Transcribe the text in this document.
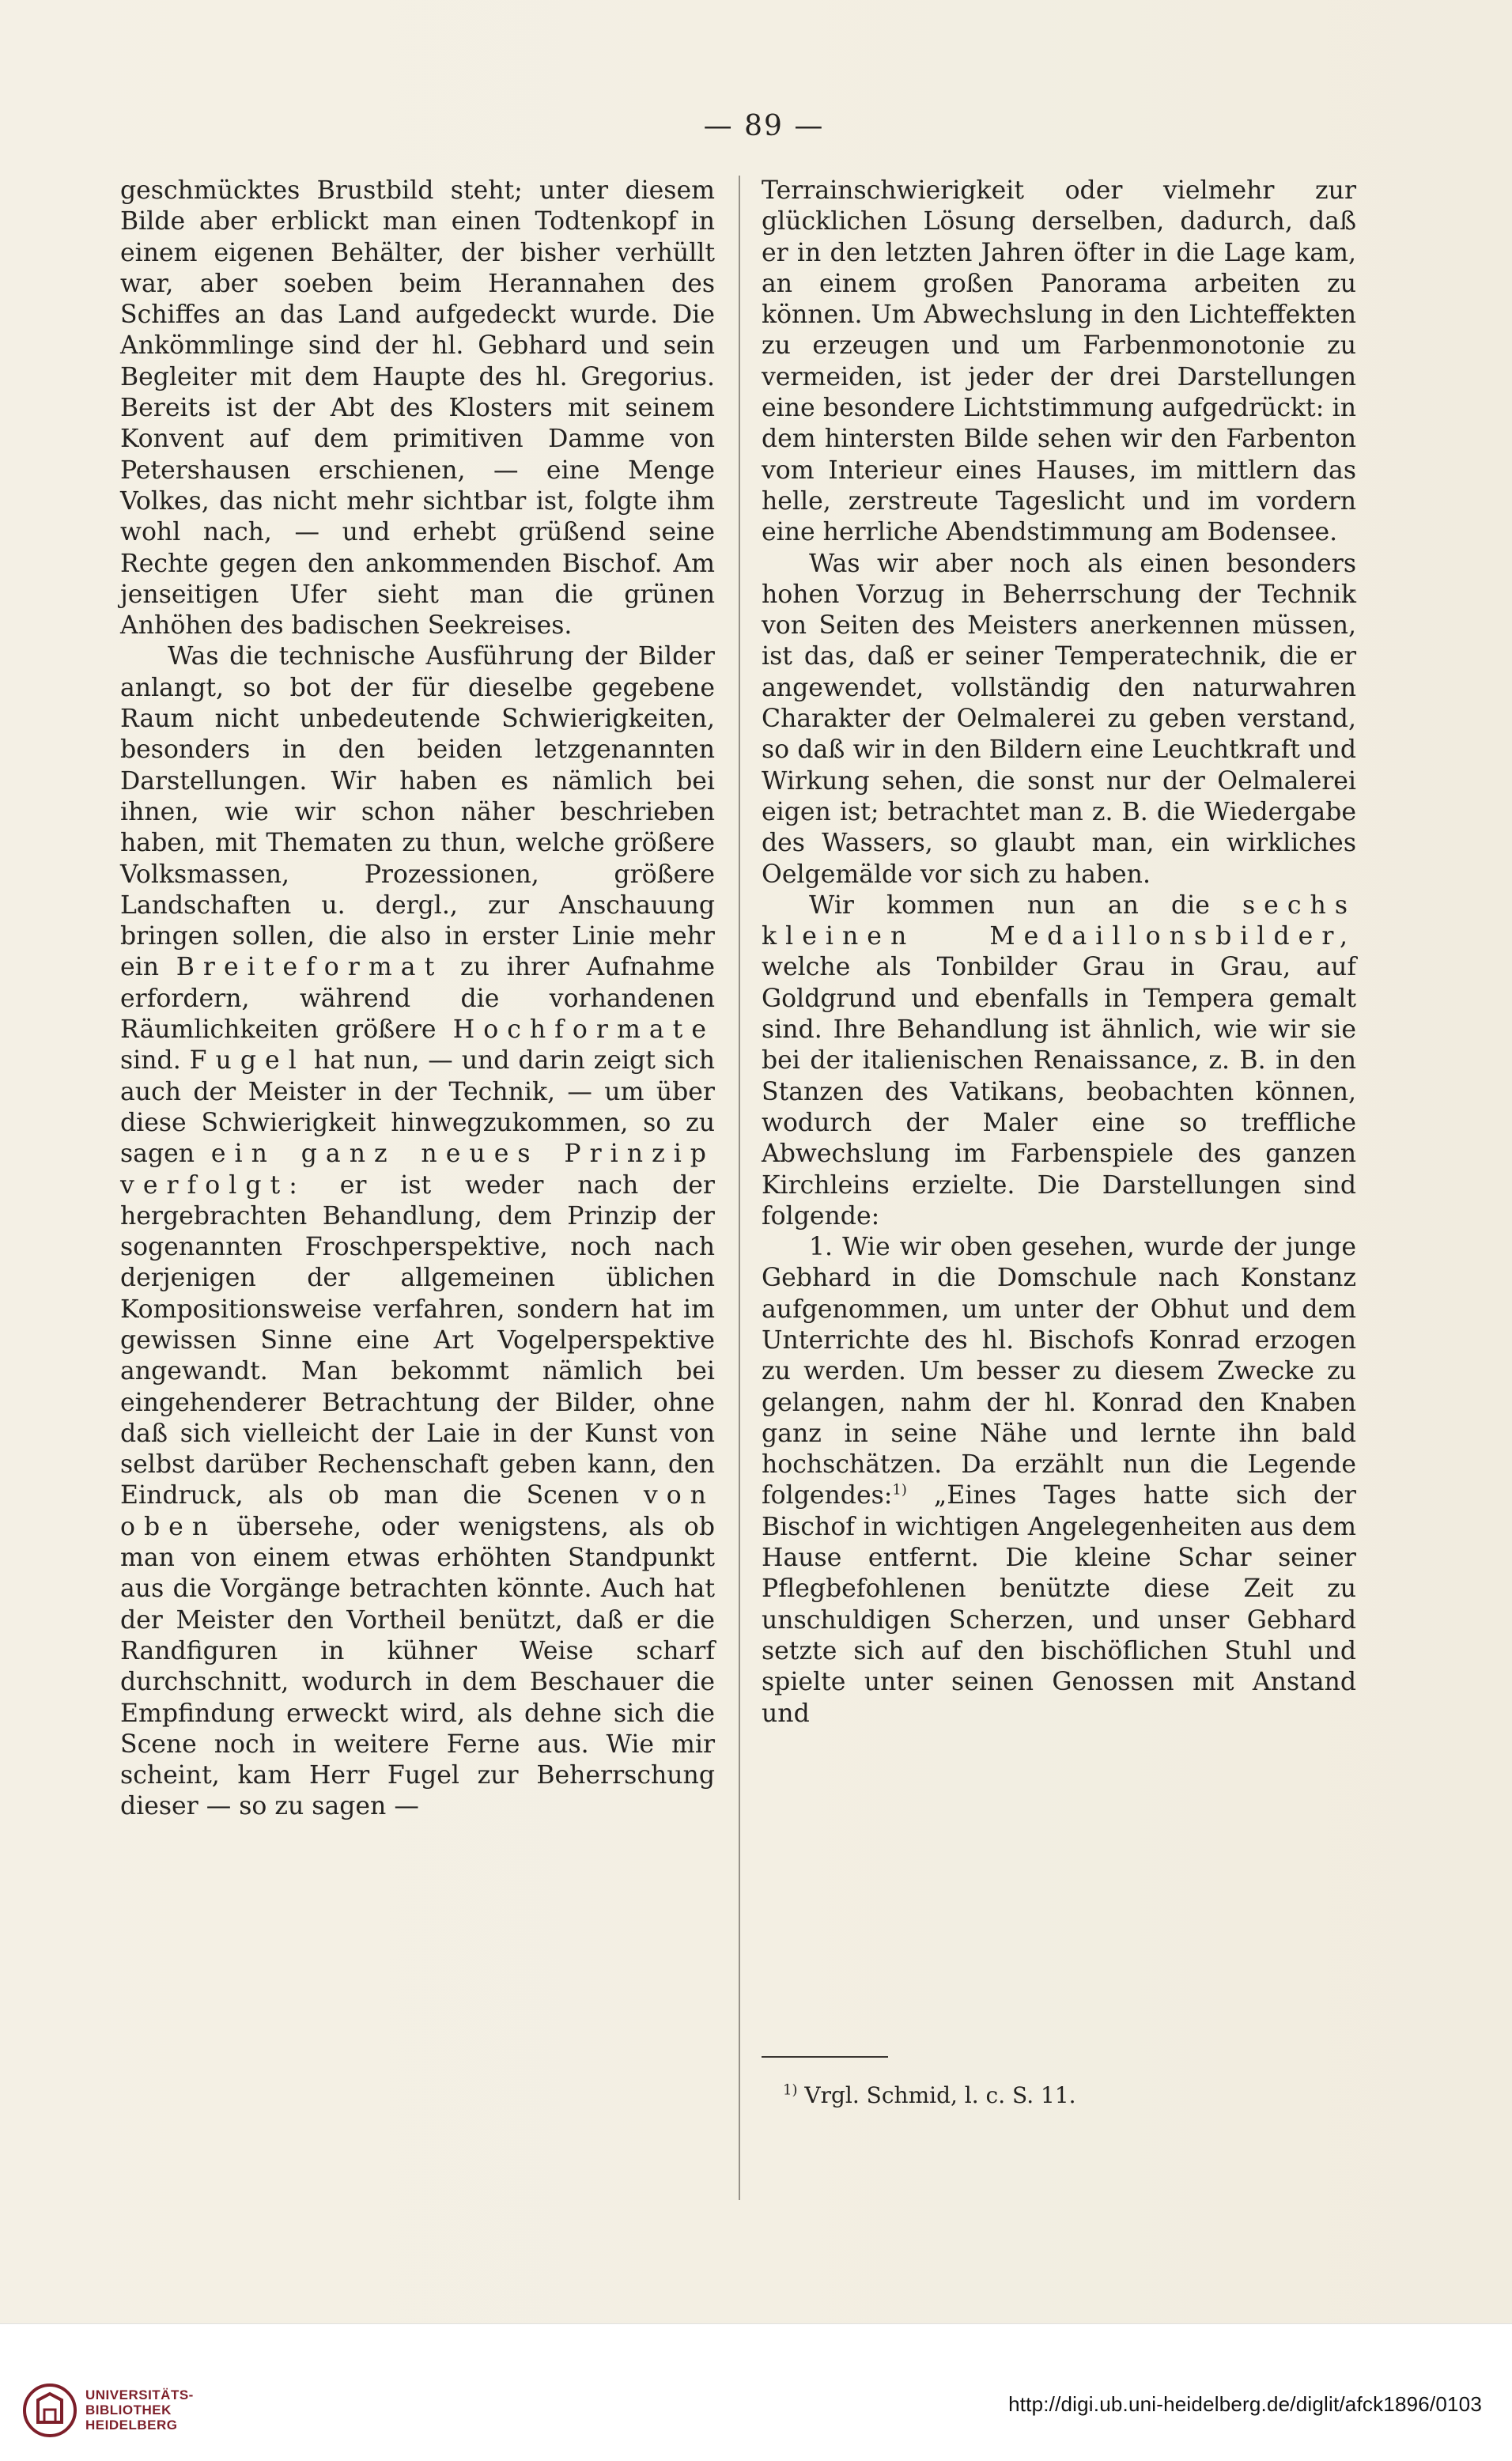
— 89 —

geschmücktes Brustbild steht; unter diesem Bilde aber erblickt man einen Todtenkopf in einem eigenen Behälter, der bisher verhüllt war, aber soeben beim Herannahen des Schiffes an das Land aufgedeckt wurde. Die Ankömmlinge sind der hl. Gebhard und sein Begleiter mit dem Haupte des hl. Gregorius. Bereits ist der Abt des Klosters mit seinem Konvent auf dem primitiven Damme von Petershausen erschienen, — eine Menge Volkes, das nicht mehr sichtbar ist, folgte ihm wohl nach, — und erhebt grüßend seine Rechte gegen den ankommenden Bischof. Am jenseitigen Ufer sieht man die grünen Anhöhen des badischen Seekreises.

Was die technische Ausführung der Bilder anlangt, so bot der für dieselbe gegebene Raum nicht unbedeutende Schwierigkeiten, besonders in den beiden letzgenannten Darstellungen. Wir haben es nämlich bei ihnen, wie wir schon näher beschrieben haben, mit Thematen zu thun, welche größere Volksmassen, Prozessionen, größere Landschaften u. dergl., zur Anschauung bringen sollen, die also in erster Linie mehr ein Breiteformat zu ihrer Aufnahme erfordern, während die vorhandenen Räumlichkeiten größere Hochformate sind. Fugel hat nun, — und darin zeigt sich auch der Meister in der Technik, — um über diese Schwierigkeit hinwegzukommen, so zu sagen ein ganz neues Prinzip verfolgt: er ist weder nach der hergebrachten Behandlung, dem Prinzip der sogenannten Froschperspektive, noch nach derjenigen der allgemeinen üblichen Kompositionsweise verfahren, sondern hat im gewissen Sinne eine Art Vogelperspektive angewandt. Man bekommt nämlich bei eingehenderer Betrachtung der Bilder, ohne daß sich vielleicht der Laie in der Kunst von selbst darüber Rechenschaft geben kann, den Eindruck, als ob man die Scenen von oben übersehe, oder wenigstens, als ob man von einem etwas erhöhten Standpunkt aus die Vorgänge betrachten könnte. Auch hat der Meister den Vortheil benützt, daß er die Randfiguren in kühner Weise scharf durchschnitt, wodurch in dem Beschauer die Empfindung erweckt wird, als dehne sich die Scene noch in weitere Ferne aus. Wie mir scheint, kam Herr Fugel zur Beherrschung dieser — so zu sagen —

Terrainschwierigkeit oder vielmehr zur glücklichen Lösung derselben, dadurch, daß er in den letzten Jahren öfter in die Lage kam, an einem großen Panorama arbeiten zu können. Um Abwechslung in den Lichteffekten zu erzeugen und um Farbenmonotonie zu vermeiden, ist jeder der drei Darstellungen eine besondere Lichtstimmung aufgedrückt: in dem hintersten Bilde sehen wir den Farbenton vom Interieur eines Hauses, im mittlern das helle, zerstreute Tageslicht und im vordern eine herrliche Abendstimmung am Bodensee.

Was wir aber noch als einen besonders hohen Vorzug in Beherrschung der Technik von Seiten des Meisters anerkennen müssen, ist das, daß er seiner Temperatechnik, die er angewendet, vollständig den naturwahren Charakter der Oelmalerei zu geben verstand, so daß wir in den Bildern eine Leuchtkraft und Wirkung sehen, die sonst nur der Oelmalerei eigen ist; betrachtet man z. B. die Wiedergabe des Wassers, so glaubt man, ein wirkliches Oelgemälde vor sich zu haben.

Wir kommen nun an die sechs kleinen Medaillonsbilder, welche als Tonbilder Grau in Grau, auf Goldgrund und ebenfalls in Tempera gemalt sind. Ihre Behandlung ist ähnlich, wie wir sie bei der italienischen Renaissance, z. B. in den Stanzen des Vatikans, beobachten können, wodurch der Maler eine so treffliche Abwechslung im Farbenspiele des ganzen Kirchleins erzielte. Die Darstellungen sind folgende:

1. Wie wir oben gesehen, wurde der junge Gebhard in die Domschule nach Konstanz aufgenommen, um unter der Obhut und dem Unterrichte des hl. Bischofs Konrad erzogen zu werden. Um besser zu diesem Zwecke zu gelangen, nahm der hl. Konrad den Knaben ganz in seine Nähe und lernte ihn bald hochschätzen. Da erzählt nun die Legende folgendes:$^{1)}$ „Eines Tages hatte sich der Bischof in wichtigen Angelegenheiten aus dem Hause entfernt. Die kleine Schar seiner Pflegbefohlenen benützte diese Zeit zu unschuldigen Scherzen, und unser Gebhard setzte sich auf den bischöflichen Stuhl und spielte unter seinen Genossen mit Anstand und

$^{1)}$ Vrgl. Schmid, l. c. S. 11.
UNIVERSITÄTS-
BIBLIOTHEK
HEIDELBERG
http://digi.ub.uni-heidelberg.de/diglit/afck1896/0103
